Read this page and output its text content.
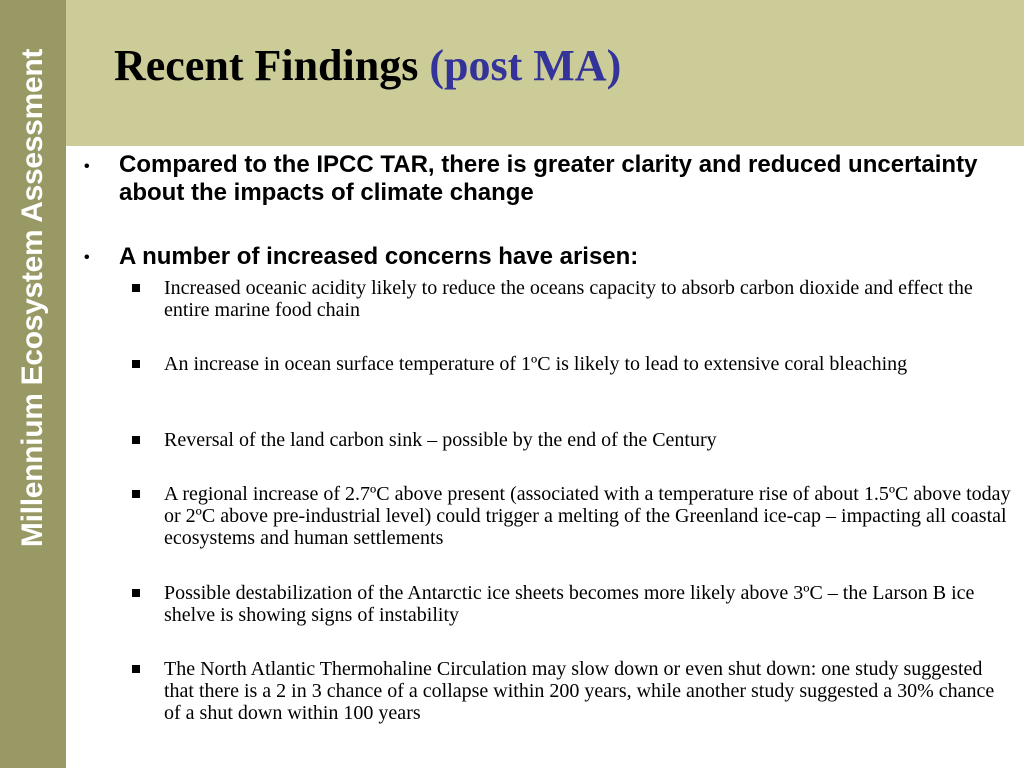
Millennium Ecosystem Assessment Recent Findings (post MA)
• Compared to the IPCC TAR, there is greater clarity and reduced uncertainty about the impacts of climate change
• A number of increased concerns have arisen:
Increased oceanic acidity likely to reduce the oceans capacity to absorb carbon dioxide and effect the entire marine food chain
An increase in ocean surface temperature of 1ºC is likely to lead to extensive coral bleaching
Reversal of the land carbon sink – possible by the end of the Century
A regional increase of 2.7ºC above present (associated with a temperature rise of about 1.5ºC above today or 2ºC above pre-industrial level) could trigger a melting of the Greenland ice-cap – impacting all coastal ecosystems and human settlements
Possible destabilization of the Antarctic ice sheets becomes more likely above 3ºC – the Larson B ice shelve is showing signs of instability
The North Atlantic Thermohaline Circulation may slow down or even shut down: one study suggested that there is a 2 in 3 chance of a collapse within 200 years, while another study suggested a 30% chance of a shut down within 100 years
